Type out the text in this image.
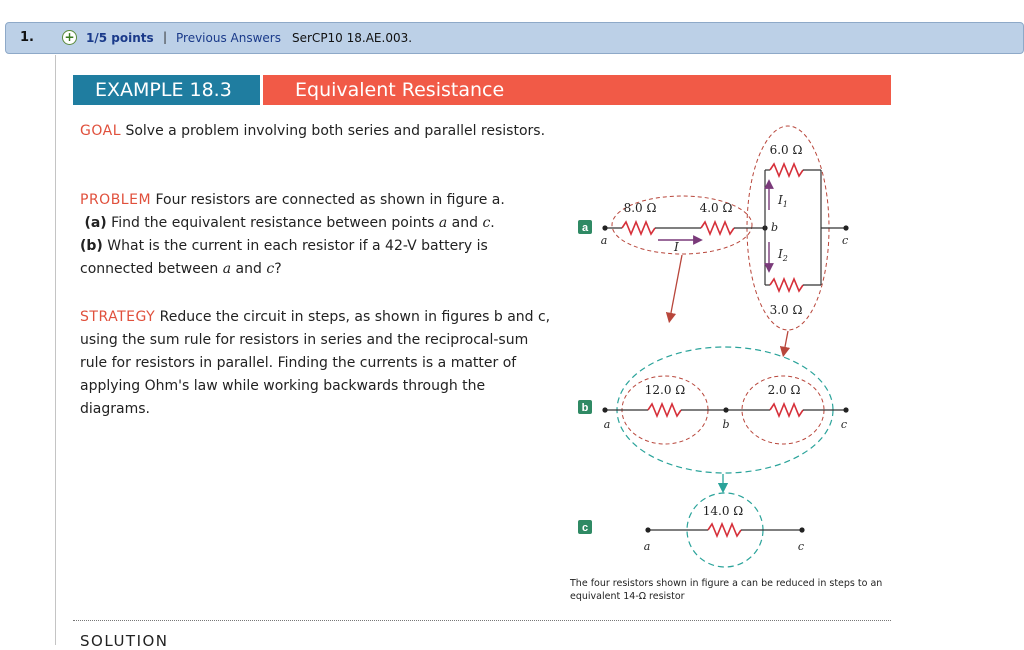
1.	+ 1/5 points | Previous Answers SerCP10 18.AE.003.
EXAMPLE 18.3	Equivalent Resistance
GOAL Solve a problem involving both series and parallel resistors.
PROBLEM Four resistors are connected as shown in figure a.
(a) Find the equivalent resistance between points a and c.
(b) What is the current in each resistor if a 42-V battery is connected between a and c?
STRATEGY Reduce the circuit in steps, as shown in figures b and c, using the sum rule for resistors in series and the reciprocal-sum rule for resistors in parallel. Finding the currents is a matter of applying Ohm's law while working backwards through the diagrams.
a
8.0 Ω	4.0 Ω
6.0 Ω
3.0 Ω
a
b
c
I
$I_1$
$I_2$
b
12.0 Ω	2.0 Ω
a	b	c
c
14.0 Ω
a	c
The four resistors shown in figure a can be reduced in steps to an equivalent 14-Ω resistor
SOLUTION
